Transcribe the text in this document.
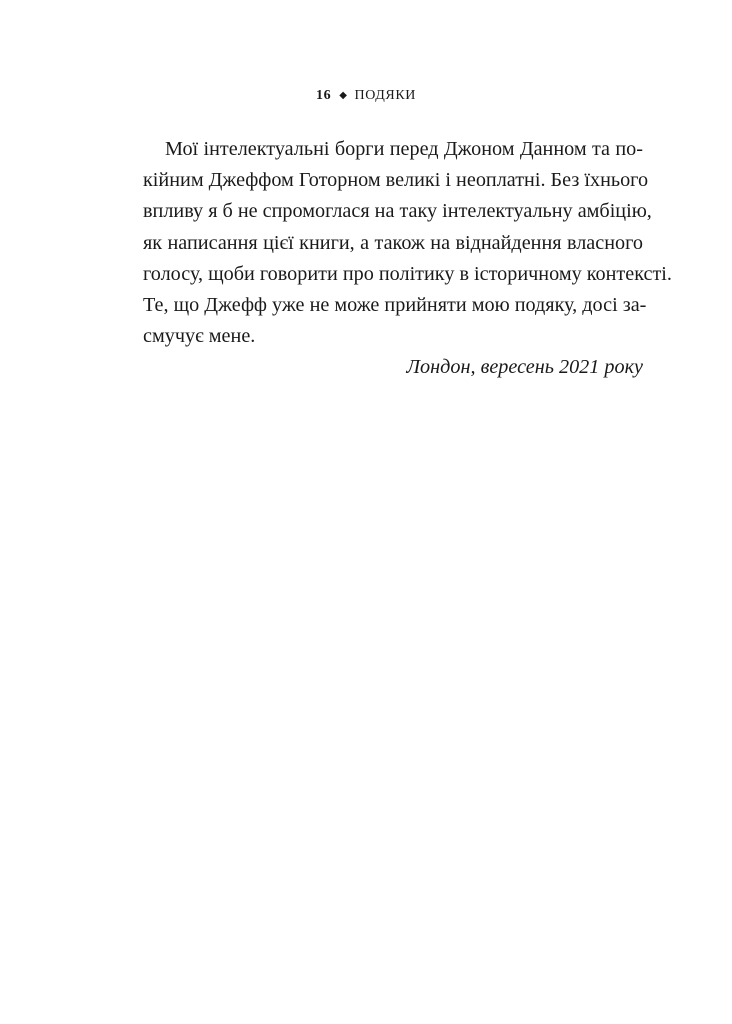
16 ◆ ПОДЯКИ
Мої інтелектуальні борги перед Джоном Данном та по-
кійним Джеффом Готорном великі і неоплатні. Без їхнього
впливу я б не спромоглася на таку інтелектуальну амбіцію,
як написання цієї книги, а також на віднайдення власного
голосу, щоби говорити про політику в історичному контексті.
Те, що Джефф уже не може прийняти мою подяку, досі за-
смучує мене.
Лондон, вересень 2021 року
